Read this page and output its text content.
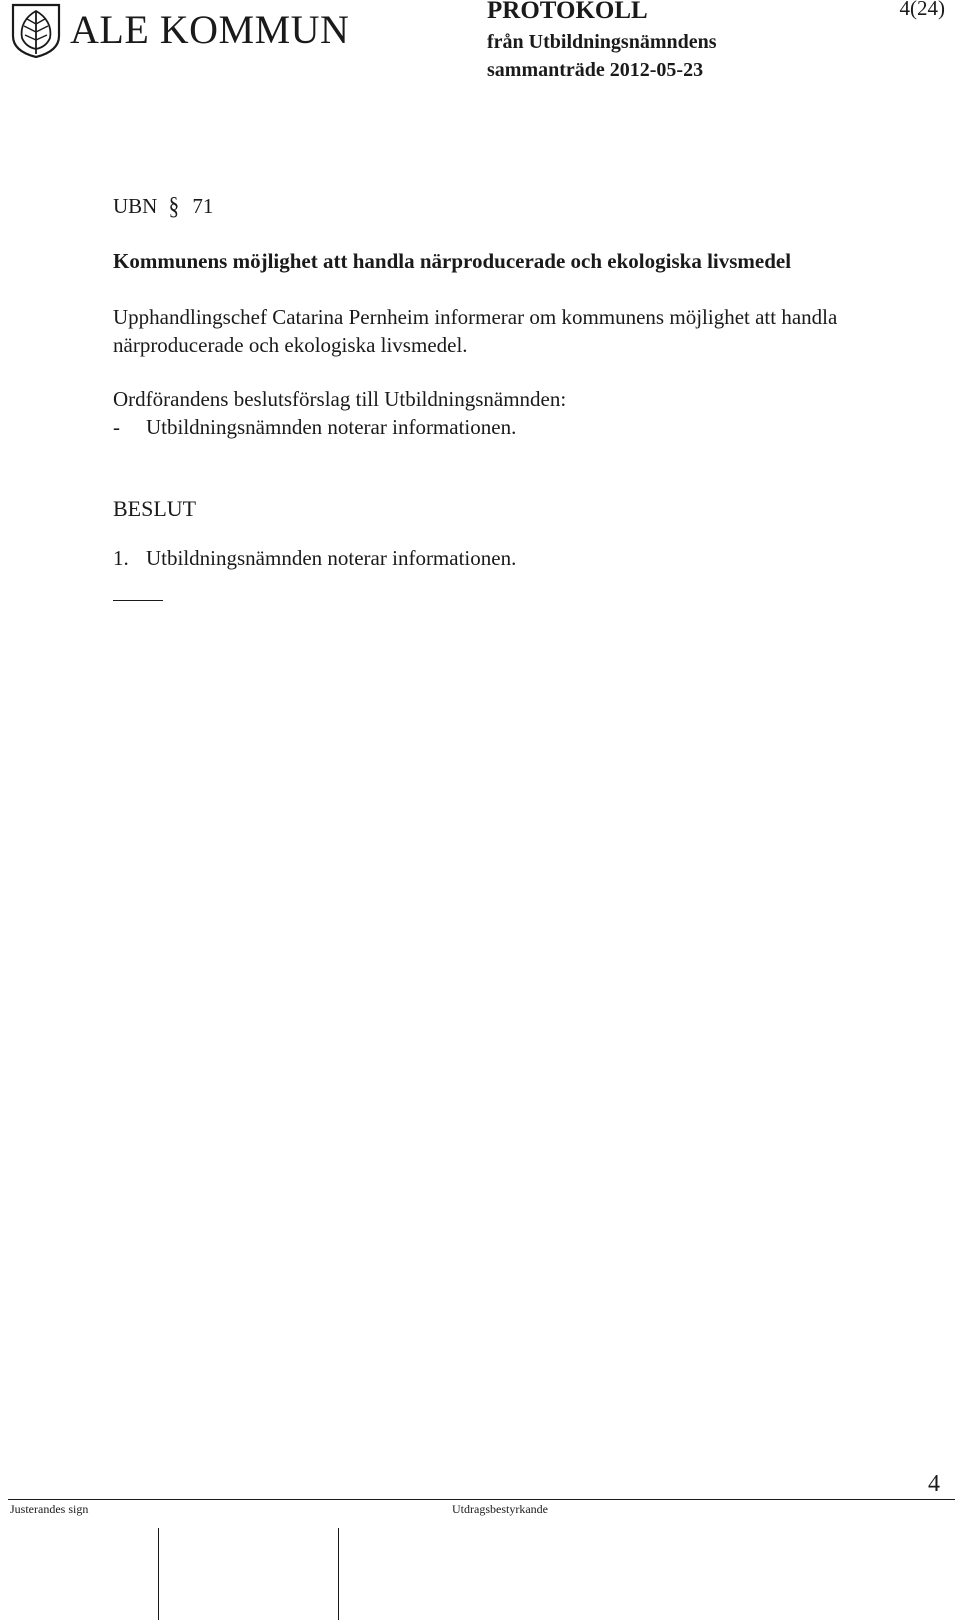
ALE KOMMUN	PROTOKOLL
från Utbildningsnämndens
sammanträde 2012-05-23
4(24)
UBN § 71
Kommunens möjlighet att handla närproducerade och ekologiska livsmedel
Upphandlingschef Catarina Pernheim informerar om kommunens möjlighet att handla
närproducerade och ekologiska livsmedel.
Ordförandens beslutsförslag till Utbildningsnämnden:
- Utbildningsnämnden noterar informationen.
BESLUT
1. Utbildningsnämnden noterar informationen.
4
Justerandes sign	Utdragsbestyrkande
